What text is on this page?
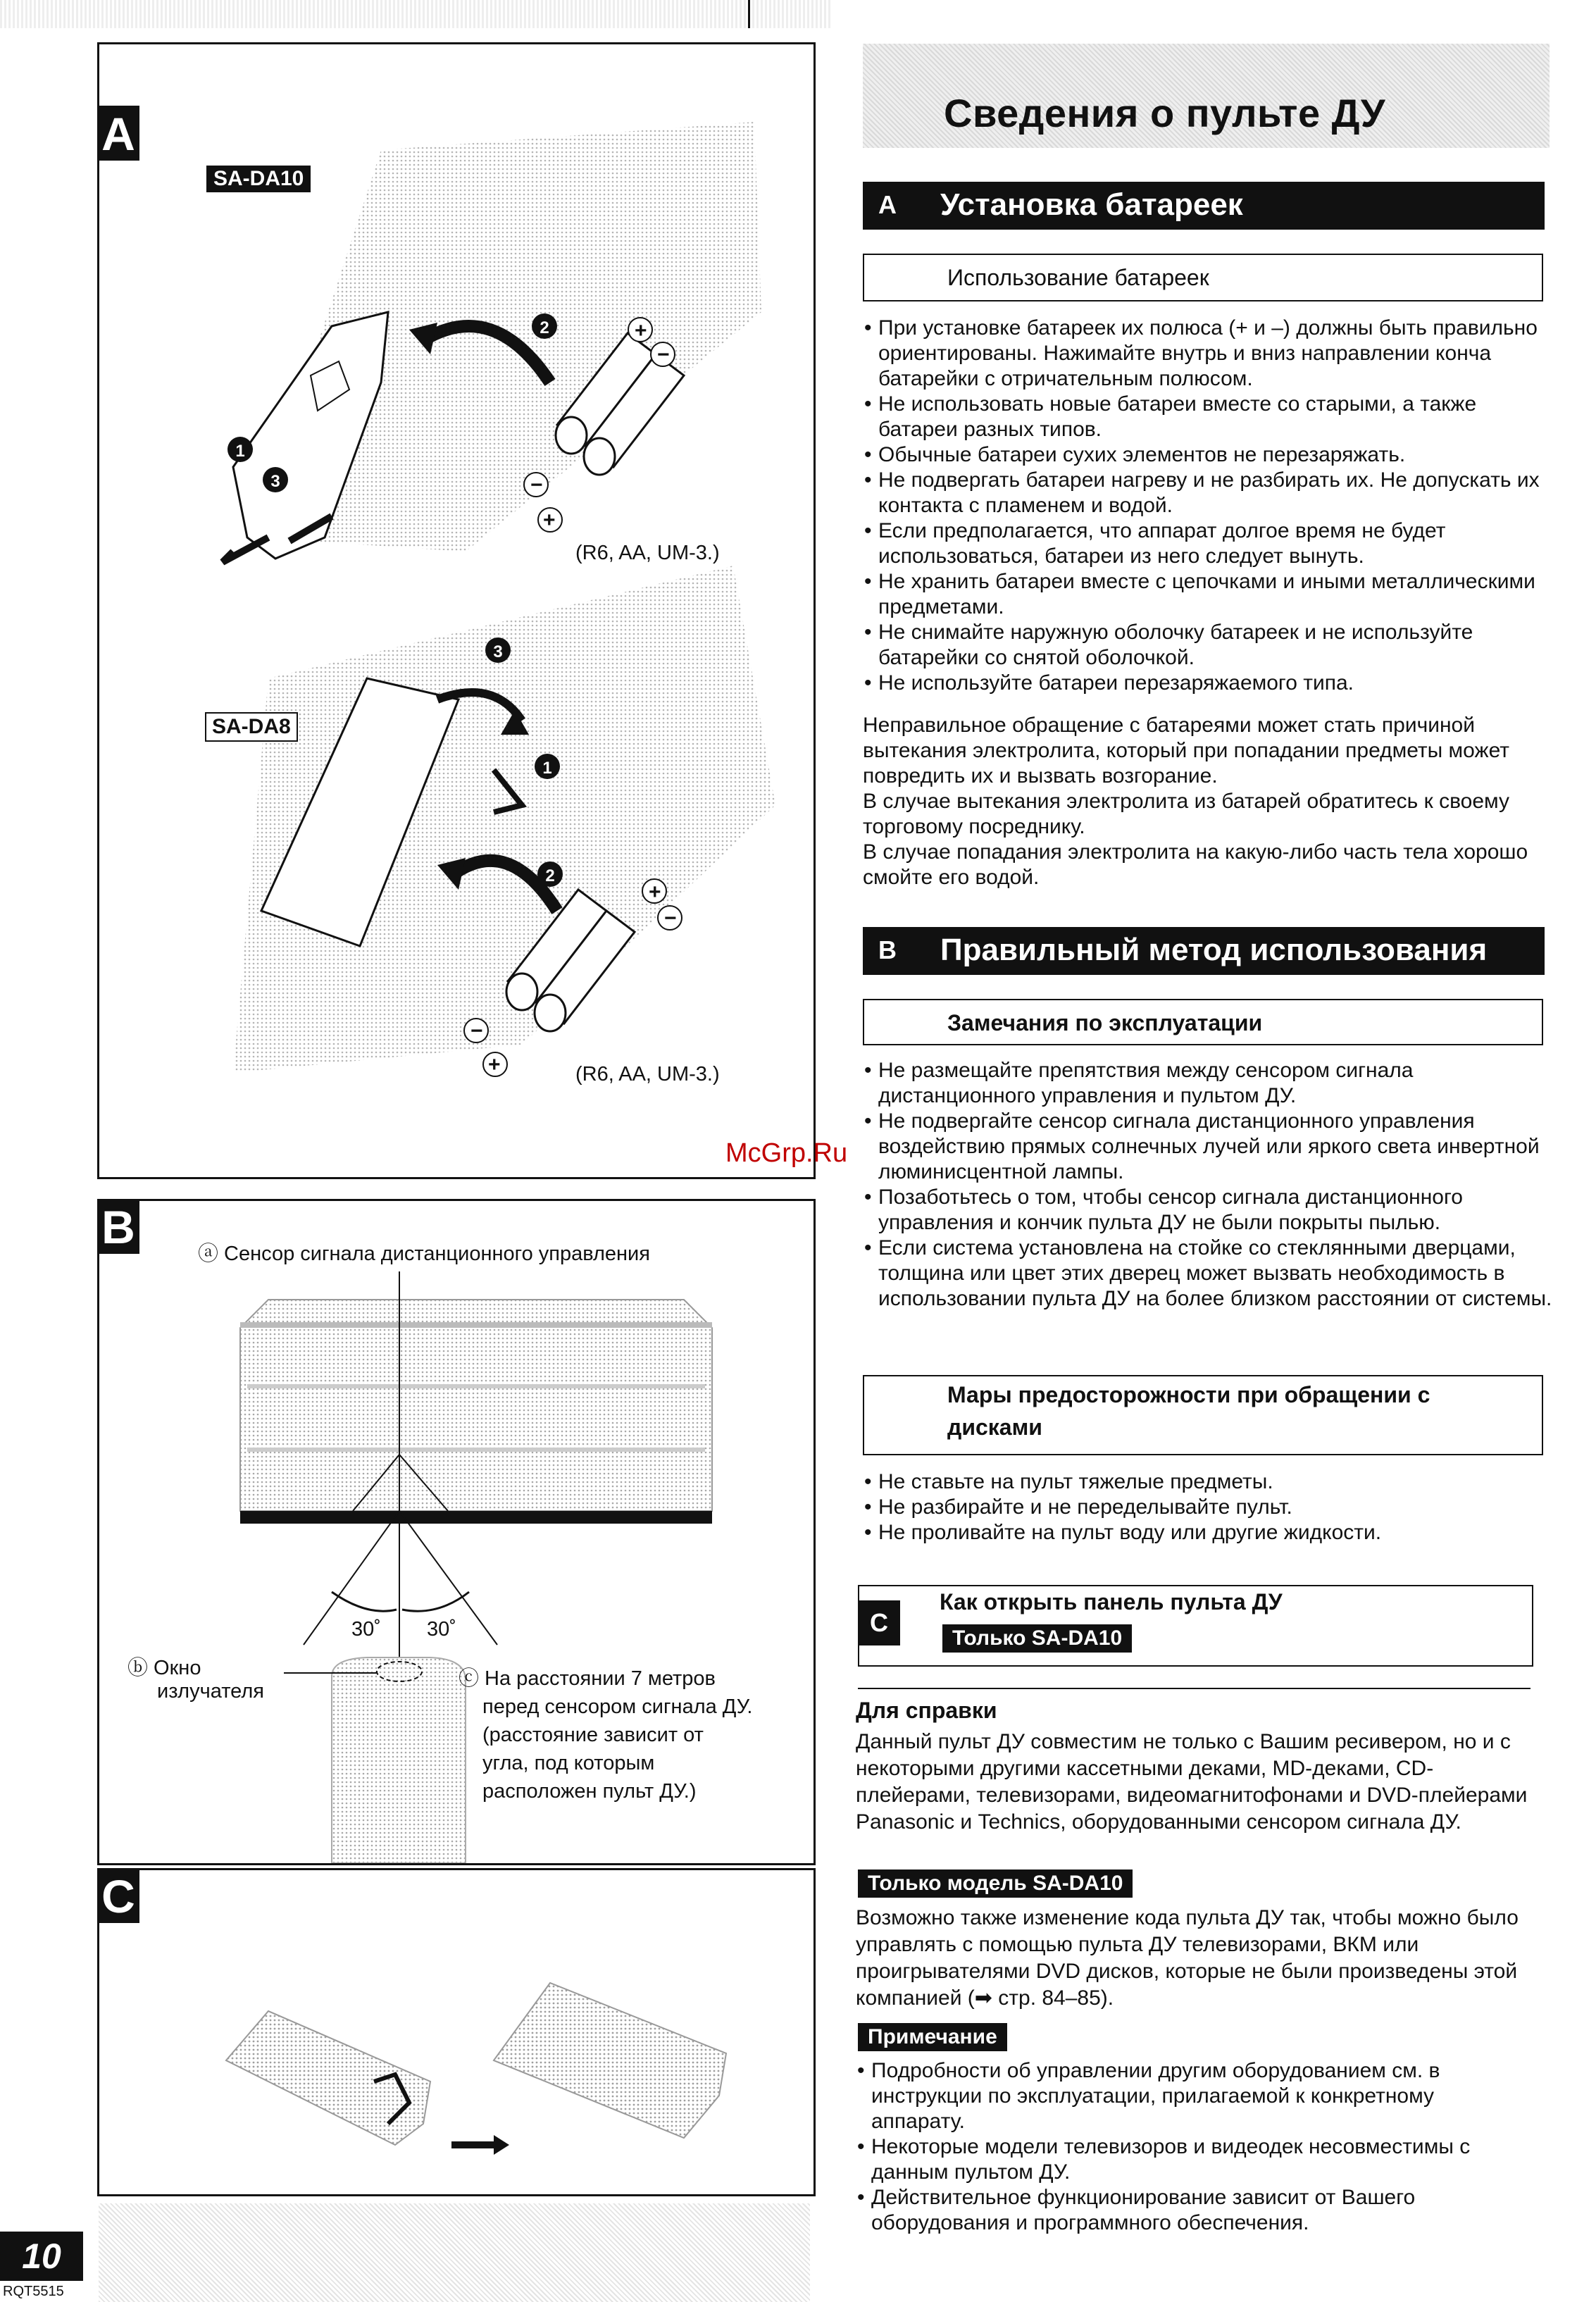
1
3
2	+
−
−
+
3
1
2
+
−
−
+
SA-DA10
SA-DA8
(R6, AA, UM-3.)
(R6, AA, UM-3.)
A
ⓐ Сенсор сигнала дистанционного управления
30˚ 30˚
ⓑ Окно
излучателя
ⓒ На расстоянии 7 метров
перед сенсором сигнала ДУ.
(расстояние зависит от
угла, под которым
расположен пульт ДУ.)
B
C
10
RQT5515
Сведения о пульте ДУ
A Установка батареек
Использование батареек
• При установке батареек их полюса (+ и –) должны быть правильно ориентированы. Нажимайте внутрь и вниз направлении конча батарейки с отричательным полюсом.
• Не использовать новые батареи вместе со старыми, а также батареи разных типов.
• Обычные батареи сухих элементов не перезаряжать.
• Не подвергать батареи нагреву и не разбирать их. Не допускать их контакта с пламенем и водой.
• Если предполагается, что аппарат долгое время не будет использоваться, батареи из него следует вынуть.
• Не хранить батареи вместе с цепочками и иными металлическими предметами.
• Не снимайте наружную оболочку батареек и не используйте батарейки со снятой оболочкой.
• Не используйте батареи перезаряжаемого типа.

Неправильное обращение с батареями может стать причиной вытекания электролита, который при попадании предметы может повредить их и вызвать возгорание.

В случае вытекания электролита из батарей обратитесь к своему торговому посреднику.

В случае попадания электролита на какую-либо часть тела хорошо смойте его водой.

B Правильный метод использования
Замечания по эксплуатации
• Не размещайте препятствия между сенсором сигнала дистанционного управления и пультом ДУ.
• Не подвергайте сенсор сигнала дистанционного управления воздействию прямых солнечных лучей или яркого света инвертной люминисцентной лампы.
• Позаботьтесь о том, чтобы сенсор сигнала дистанционного управления и кончик пульта ДУ не были покрыты пылью.
• Если система установлена на стойке со стеклянными дверцами, толщина или цвет этих дверец может вызвать необходимость в использовании пульта ДУ на более близком расстоянии от системы.
McGrp.Ru
Мары предосторожности при обращении с
дисками
• Не ставьте на пульт тяжелые предметы.
• Не разбирайте и не переделывайте пульт.
• Не проливайте на пульт воду или другие жидкости.
C
Как открыть панель пульта ДУ
Только SA-DA10
Для справки
Данный пульт ДУ совместим не только с Вашим ресивером, но и с некоторыми другими кассетными деками, MD-деками, CD-плейерами, телевизорами, видеомагнитофонами и DVD-плейерами Panasonic и Technics, оборудованными сенсором сигнала ДУ.
Только модель SA-DA10
Возможно также изменение кода пульта ДУ так, чтобы можно было управлять с помощью пульта ДУ телевизорами, ВКМ или проигрывателями DVD дисков, которые не были произведены этой компанией (➡ стр. 84–85).
Примечание
• Подробности об управлении другим оборудованием см. в инструкции по эксплуатации, прилагаемой к конкретному аппарату.
• Некоторые модели телевизоров и видеодек несовместимы с данным пультом ДУ.
• Действительное функционирование зависит от Вашего оборудования и программного обеспечения.
